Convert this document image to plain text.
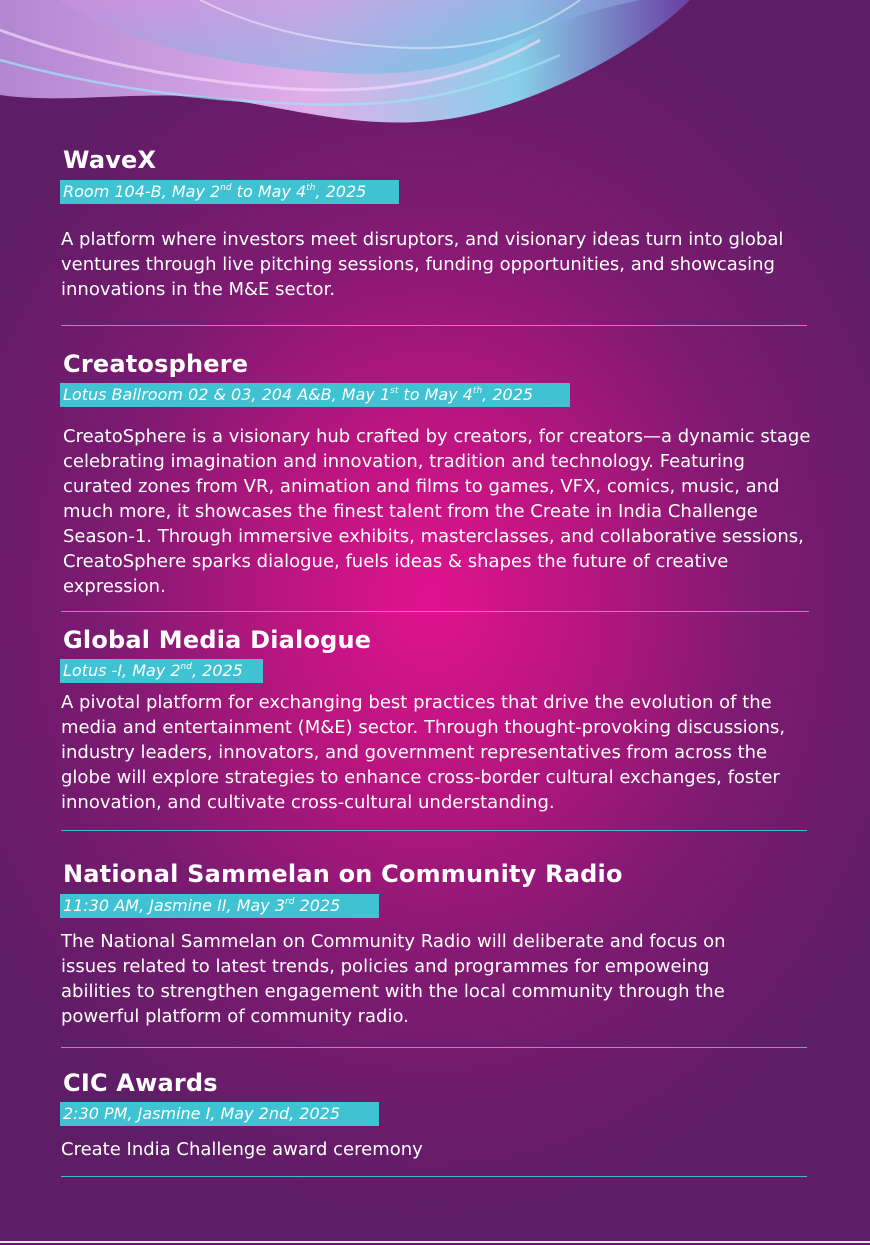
WaveX
Room 104-B, May 2nd to May 4th, 2025

A platform where investors meet disruptors, and visionary ideas turn into global ventures through live pitching sessions, funding opportunities, and showcasing innovations in the M&E sector.

Creatosphere
Lotus Ballroom 02 & 03, 204 A&B, May 1st to May 4th, 2025

CreatoSphere is a visionary hub crafted by creators, for creators—a dynamic stage celebrating imagination and innovation, tradition and technology. Featuring curated zones from VR, animation and films to games, VFX, comics, music, and much more, it showcases the finest talent from the Create in India Challenge Season-1. Through immersive exhibits, masterclasses, and collaborative sessions, CreatoSphere sparks dialogue, fuels ideas & shapes the future of creative expression.

Global Media Dialogue
Lotus -I, May 2nd, 2025

A pivotal platform for exchanging best practices that drive the evolution of the media and entertainment (M&E) sector. Through thought-provoking discussions, industry leaders, innovators, and government representatives from across the globe will explore strategies to enhance cross-border cultural exchanges, foster innovation, and cultivate cross-cultural understanding.

National Sammelan on Community Radio
11:30 AM, Jasmine II, May 3rd 2025

The National Sammelan on Community Radio will deliberate and focus on issues related to latest trends, policies and programmes for empoweing abilities to strengthen engagement with the local community through the powerful platform of community radio.

CIC Awards
2:30 PM, Jasmine I, May 2nd, 2025

Create India Challenge award ceremony
